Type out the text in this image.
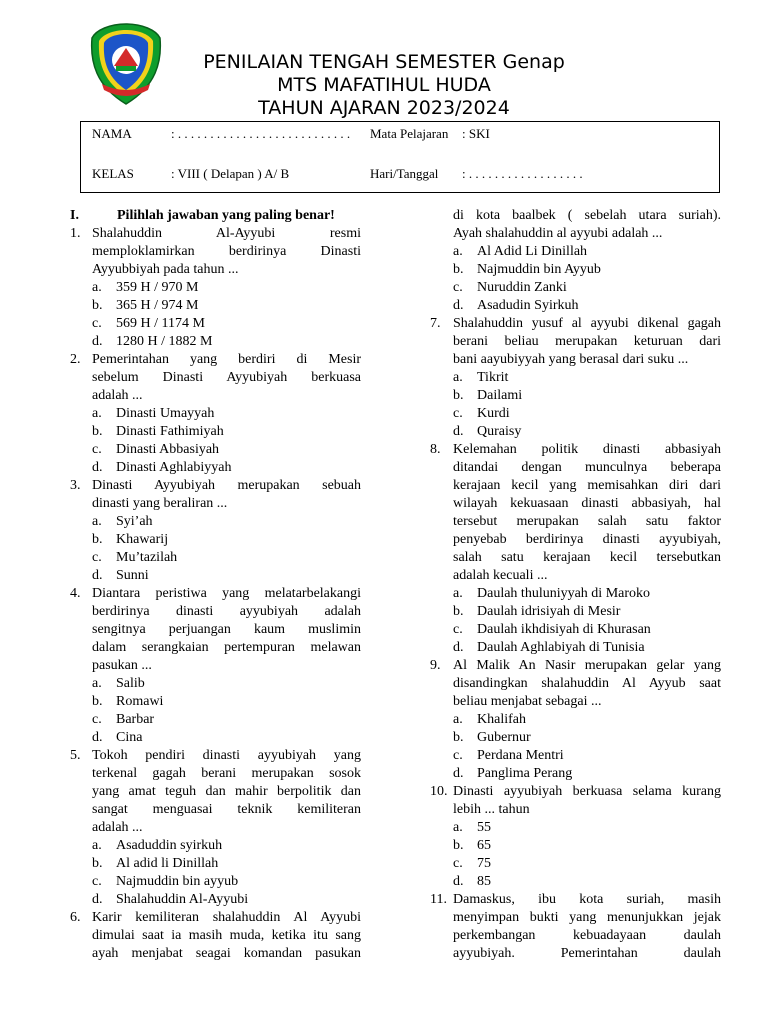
PENILAIAN TENGAH SEMESTER Genap
MTS MAFATIHUL HUDA
TAHUN AJARAN 2023/2024
NAMA	: . . . . . . . . . . . . . . . . . . . . . . . . . . . Mata Pelajaran : SKI
KELAS	: VIII ( Delapan ) A/ B	Hari/Tanggal : . . . . . . . . . . . . . . . . . .
I.	Pilihlah jawaban yang paling benar!
1. Shalahuddin Al-Ayyubi resmi
memploklamirkan berdirinya Dinasti
Ayyubbiyah pada tahun ...
a. 359 H / 970 M
b. 365 H / 974 M
c. 569 H / 1174 M
d. 1280 H / 1882 M
2. Pemerintahan yang berdiri di Mesir
sebelum Dinasti Ayyubiyah berkuasa
adalah ...
a. Dinasti Umayyah
b. Dinasti Fathimiyah
c. Dinasti Abbasiyah
d. Dinasti Aghlabiyyah
3. Dinasti Ayyubiyah merupakan sebuah
dinasti yang beraliran ...
a. Syi’ah
b. Khawarij
c. Mu’tazilah
d. Sunni
4. Diantara peristiwa yang melatarbelakangi
berdirinya dinasti ayyubiyah adalah
sengitnya perjuangan kaum muslimin
dalam serangkaian pertempuran melawan
pasukan ...
a. Salib
b. Romawi
c. Barbar
d. Cina
5. Tokoh pendiri dinasti ayyubiyah yang
terkenal gagah berani merupakan sosok
yang amat teguh dan mahir berpolitik dan
sangat menguasai teknik kemiliteran
adalah ...
a. Asaduddin syirkuh
b. Al adid li Dinillah
c. Najmuddin bin ayyub
d. Shalahuddin Al-Ayyubi
6. Karir kemiliteran shalahuddin Al Ayyubi
dimulai saat ia masih muda, ketika itu sang
ayah menjabat seagai komandan pasukan
di kota baalbek ( sebelah utara suriah).
Ayah shalahuddin al ayyubi adalah ...
a. Al Adid Li Dinillah
b. Najmuddin bin Ayyub
c. Nuruddin Zanki
d. Asadudin Syirkuh
7. Shalahuddin yusuf al ayyubi dikenal gagah
berani beliau merupakan keturuan dari
bani aayubiyyah yang berasal dari suku ...
a. Tikrit
b. Dailami
c. Kurdi
d. Quraisy
8. Kelemahan politik dinasti abbasiyah
ditandai dengan munculnya beberapa
kerajaan kecil yang memisahkan diri dari
wilayah kekuasaan dinasti abbasiyah, hal
tersebut merupakan salah satu faktor
penyebab berdirinya dinasti ayyubiyah,
salah satu kerajaan kecil tersebutkan
adalah kecuali ...
a. Daulah thuluniyyah di Maroko
b. Daulah idrisiyah di Mesir
c. Daulah ikhdisiyah di Khurasan
d. Daulah Aghlabiyah di Tunisia
9. Al Malik An Nasir merupakan gelar yang
disandingkan shalahuddin Al Ayyub saat
beliau menjabat sebagai ...
a. Khalifah
b. Gubernur
c. Perdana Mentri
d. Panglima Perang
10. Dinasti ayyubiyah berkuasa selama kurang
lebih ... tahun
a. 55
b. 65
c. 75
d. 85
11. Damaskus, ibu kota suriah, masih
menyimpan bukti yang menunjukkan jejak
perkembangan kebuadayaan daulah
ayyubiyah. Pemerintahan daulah
